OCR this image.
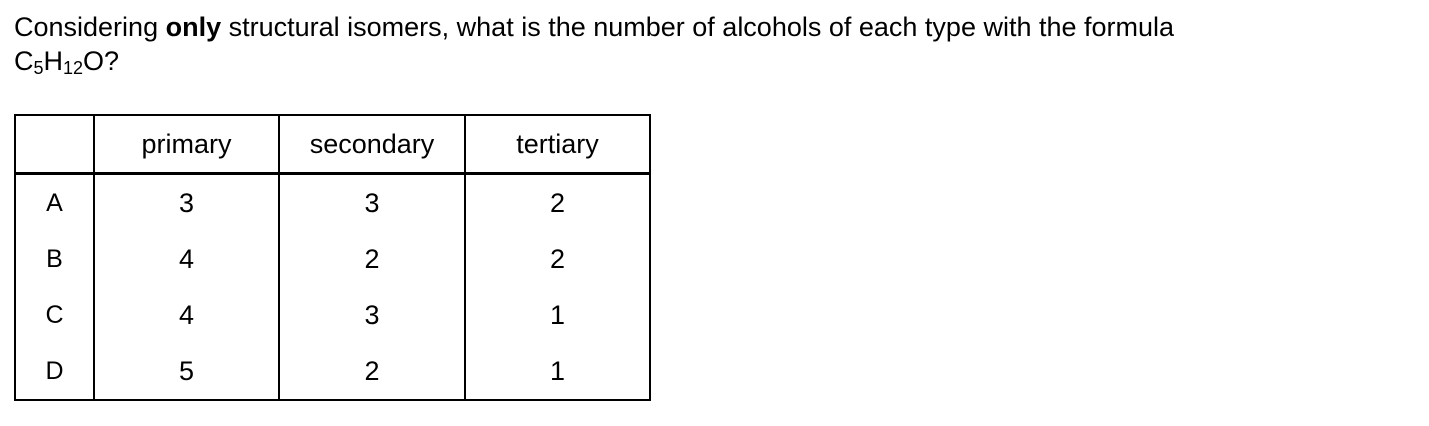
Considering only structural isomers, what is the number of alcohols of each type with the formula
$C_5H_{12}O$?
	primary	secondary	tertiary
A	3	3	2
B	4	2	2
C	4	3	1
D	5	2	1
